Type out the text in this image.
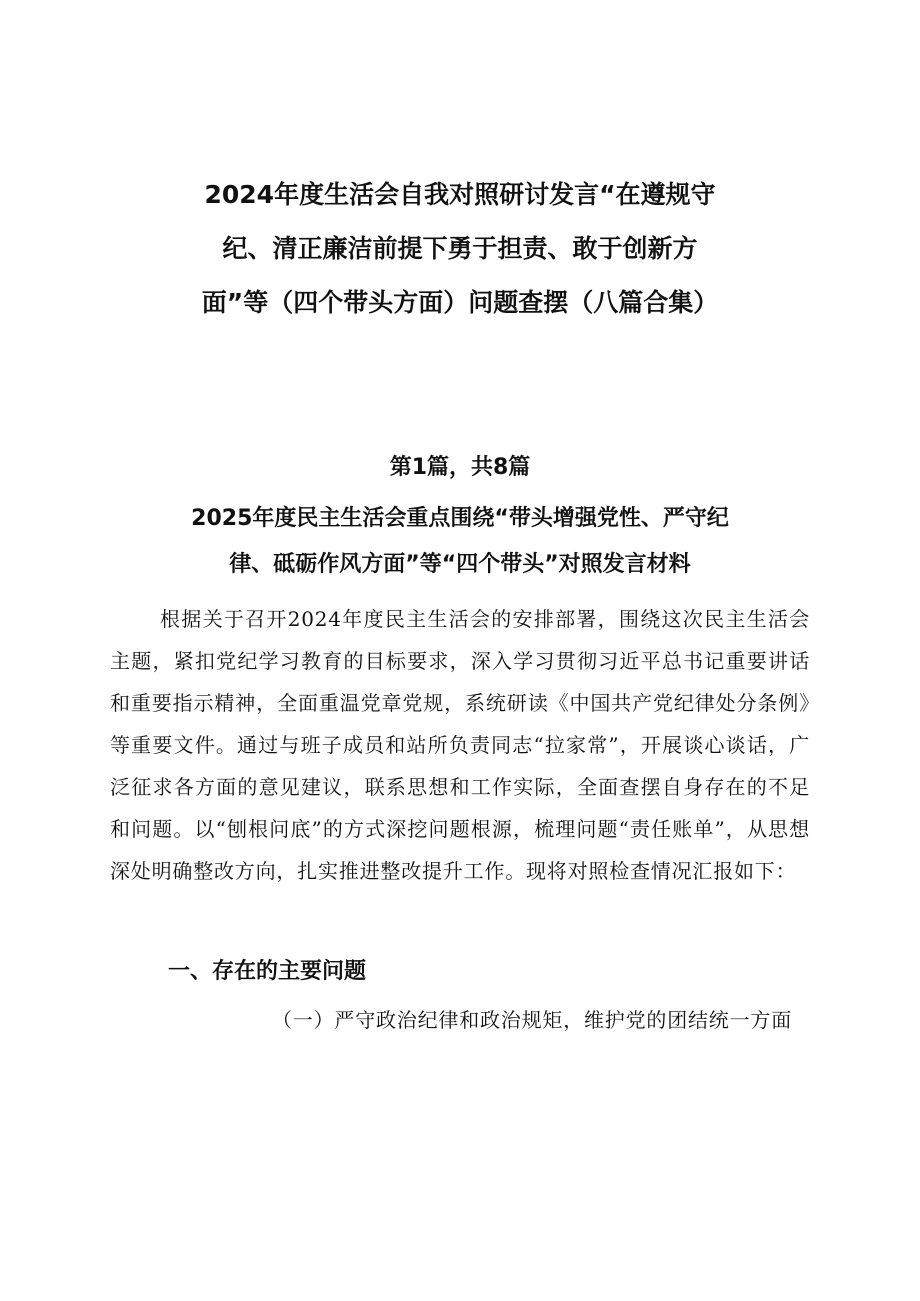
2024年度生活会自我对照研讨发言“在遵规守纪、清正廉洁前提下勇于担责、敢于创新方面”等（四个带头方面）问题查摆（八篇合集）

第1篇，共8篇

2025年度民主生活会重点围绕“带头增强党性、严守纪律、砥砺作风方面”等“四个带头”对照发言材料

根据关于召开2024年度民主生活会的安排部署，围绕这次民主生活会主题，紧扣党纪学习教育的目标要求，深入学习贯彻习近平总书记重要讲话和重要指示精神，全面重温党章党规，系统研读《中国共产党纪律处分条例》等重要文件。通过与班子成员和站所负责同志“拉家常”，开展谈心谈话，广泛征求各方面的意见建议，联系思想和工作实际，全面查摆自身存在的不足和问题。以“刨根问底”的方式深挖问题根源，梳理问题“责任账单”，从思想深处明确整改方向，扎实推进整改提升工作。现将对照检查情况汇报如下：

一、存在的主要问题

（一）严守政治纪律和政治规矩，维护党的团结统一方面
